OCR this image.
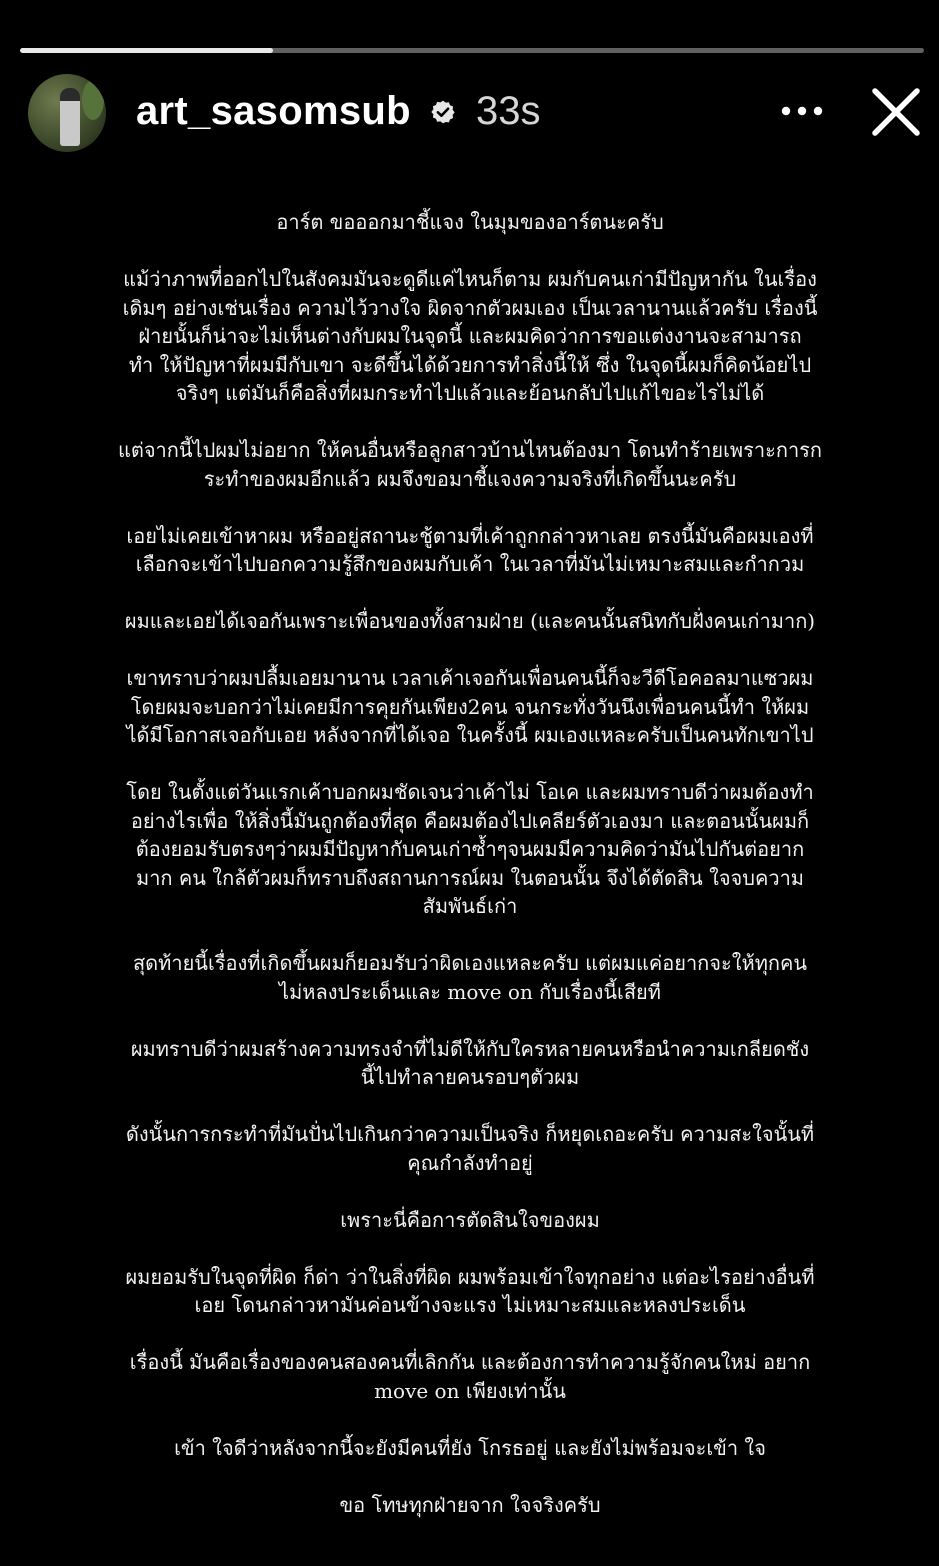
art_sasomsub 33s
อาร์ต ขอออกมาชี้แจง ในมุมของอาร์ตนะครับ
แม้ว่าภาพที่ออกไปในสังคมมันจะดูดีแค่ไหนก็ตาม ผมกับคนเก่ามีปัญหากัน ในเรื่อง
เดิมๆ อย่างเช่นเรื่อง ความไว้วางใจ ผิดจากตัวผมเอง เป็นเวลานานแล้วครับ เรื่องนี้
ฝ่ายนั้นก็น่าจะไม่เห็นต่างกับผมในจุดนี้ และผมคิดว่าการขอแต่งงานจะสามารถ
ทำ ให้ปัญหาที่ผมมีกับเขา จะดีขึ้นได้ด้วยการทำสิ่งนี้ให้ ซึ่ง ในจุดนี้ผมก็คิดน้อยไป
จริงๆ แต่มันก็คือสิ่งที่ผมกระทำไปแล้วและย้อนกลับไปแก้ไขอะไรไม่ได้
แต่จากนี้ไปผมไม่อยาก ให้คนอื่นหรือลูกสาวบ้านไหนต้องมา โดนทำร้ายเพราะการก
ระทำของผมอีกแล้ว ผมจึงขอมาชี้แจงความจริงที่เกิดขึ้นนะครับ
เอยไม่เคยเข้าหาผม หรืออยู่สถานะชู้ตามที่เค้าถูกกล่าวหาเลย ตรงนี้มันคือผมเองที่
เลือกจะเข้าไปบอกความรู้สึกของผมกับเค้า ในเวลาที่มันไม่เหมาะสมและกำกวม
ผมและเอยได้เจอกันเพราะเพื่อนของทั้งสามฝ่าย (และคนนั้นสนิทกับฝั่งคนเก่ามาก)
เขาทราบว่าผมปลื้มเอยมานาน เวลาเค้าเจอกันเพื่อนคนนี้ก็จะวีดีโอคอลมาแซวผม
โดยผมจะบอกว่าไม่เคยมีการคุยกันเพียง2คน จนกระทั่งวันนึงเพื่อนคนนี้ทำ ให้ผม
ได้มีโอกาสเจอกับเอย หลังจากที่ได้เจอ ในครั้งนี้ ผมเองแหละครับเป็นคนทักเขาไป
โดย ในตั้งแต่วันแรกเค้าบอกผมชัดเจนว่าเค้าไม่ โอเค และผมทราบดีว่าผมต้องทำ
อย่างไรเพื่อ ให้สิ่งนี้มันถูกต้องที่สุด คือผมต้องไปเคลียร์ตัวเองมา และตอนนั้นผมก็
ต้องยอมรับตรงๆว่าผมมีปัญหากับคนเก่าซ้ำๆจนผมมีความคิดว่ามันไปกันต่อยาก
มาก คน ใกล้ตัวผมก็ทราบถึงสถานการณ์ผม ในตอนนั้น จึงได้ตัดสิน ใจจบความ
สัมพันธ์เก่า
สุดท้ายนี้เรื่องที่เกิดขึ้นผมก็ยอมรับว่าผิดเองแหละครับ แต่ผมแค่อยากจะให้ทุกคน
ไม่หลงประเด็นและ move on กับเรื่องนี้เสียที
ผมทราบดีว่าผมสร้างความทรงจำที่ไม่ดีให้กับใครหลายคนหรือนำความเกลียดชัง
นี้ไปทำลายคนรอบๆตัวผม
ดังนั้นการกระทำที่มันปั่นไปเกินกว่าความเป็นจริง ก็หยุดเถอะครับ ความสะใจนั้นที่
คุณกำลังทำอยู่
เพราะนี่คือการตัดสินใจของผม
ผมยอมรับในจุดที่ผิด ก็ด่า ว่าในสิ่งที่ผิด ผมพร้อมเข้าใจทุกอย่าง แต่อะไรอย่างอื่นที่
เอย โดนกล่าวหามันค่อนข้างจะแรง ไม่เหมาะสมและหลงประเด็น
เรื่องนี้ มันคือเรื่องของคนสองคนที่เลิกกัน และต้องการทำความรู้จักคนใหม่ อยาก
move on เพียงเท่านั้น
เข้า ใจดีว่าหลังจากนี้จะยังมีคนที่ยัง โกรธอยู่ และยังไม่พร้อมจะเข้า ใจ
ขอ โทษทุกฝ่ายจาก ใจจริงครับ
